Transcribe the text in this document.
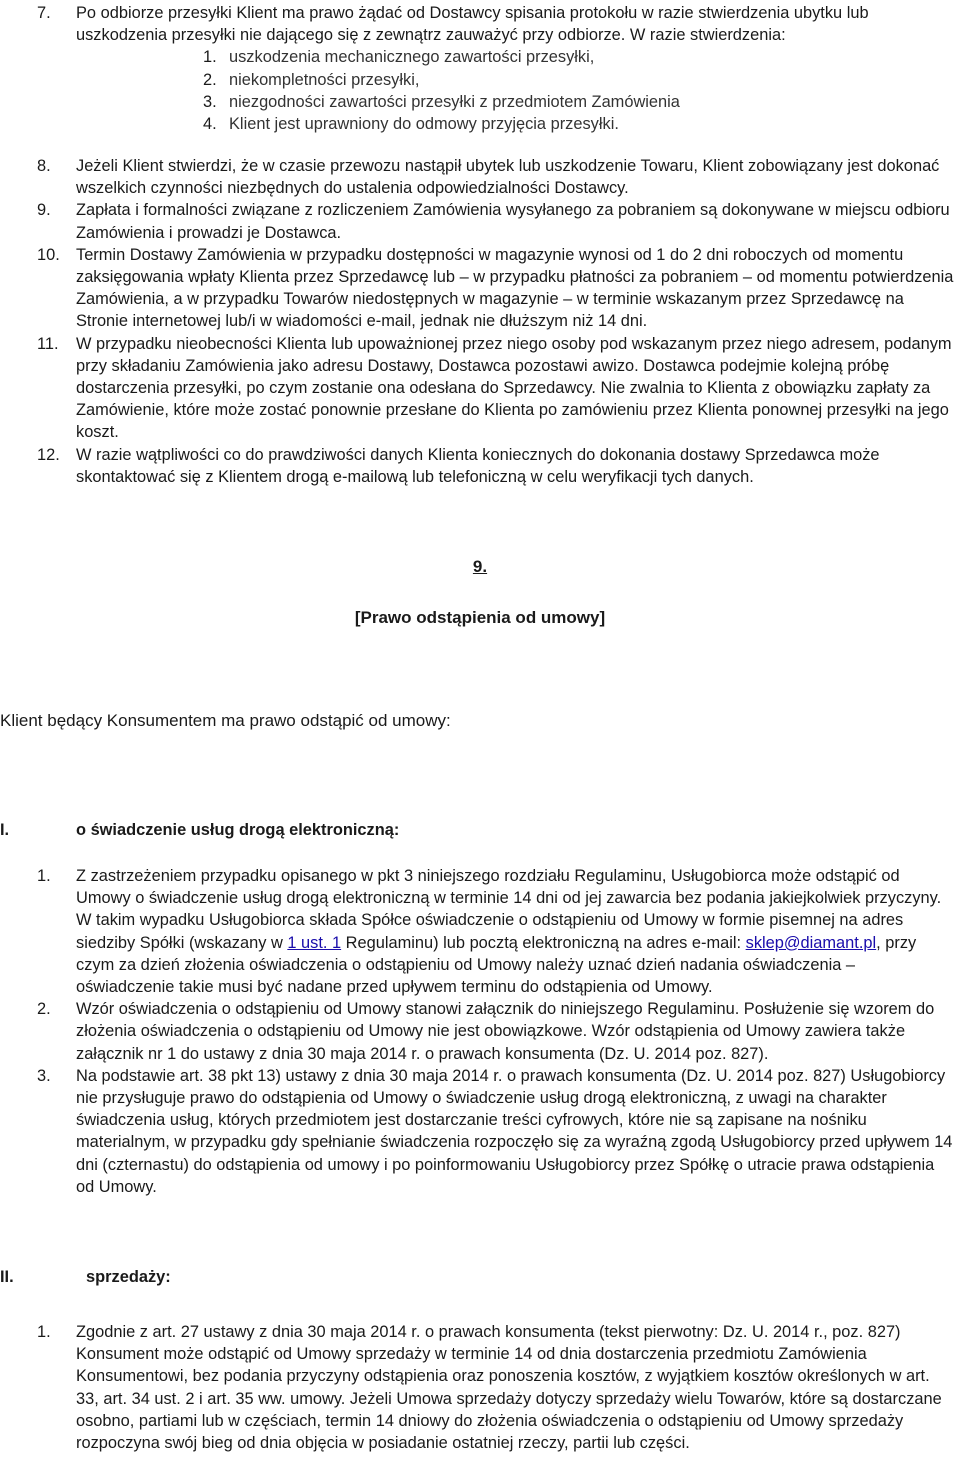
7. Po odbiorze przesyłki Klient ma prawo żądać od Dostawcy spisania protokołu w razie stwierdzenia ubytku lub uszkodzenia przesyłki nie dającego się z zewnątrz zauważyć przy odbiorze. W razie stwierdzenia:
1. uszkodzenia mechanicznego zawartości przesyłki,
2. niekompletności przesyłki,
3. niezgodności zawartości przesyłki z przedmiotem Zamówienia
4. Klient jest uprawniony do odmowy przyjęcia przesyłki.
8. Jeżeli Klient stwierdzi, że w czasie przewozu nastąpił ubytek lub uszkodzenie Towaru, Klient zobowiązany jest dokonać wszelkich czynności niezbędnych do ustalenia odpowiedzialności Dostawcy.
9. Zapłata i formalności związane z rozliczeniem Zamówienia wysyłanego za pobraniem są dokonywane w miejscu odbioru Zamówienia i prowadzi je Dostawca.
10. Termin Dostawy Zamówienia w przypadku dostępności w magazynie wynosi od 1 do 2 dni roboczych od momentu zaksięgowania wpłaty Klienta przez Sprzedawcę lub – w przypadku płatności za pobraniem – od momentu potwierdzenia Zamówienia, a w przypadku Towarów niedostępnych w magazynie – w terminie wskazanym przez Sprzedawcę na Stronie internetowej lub/i w wiadomości e-mail, jednak nie dłuższym niż 14 dni.
11. W przypadku nieobecności Klienta lub upoważnionej przez niego osoby pod wskazanym przez niego adresem, podanym przy składaniu Zamówienia jako adresu Dostawy, Dostawca pozostawi awizo. Dostawca podejmie kolejną próbę dostarczenia przesyłki, po czym zostanie ona odesłana do Sprzedawcy. Nie zwalnia to Klienta z obowiązku zapłaty za Zamówienie, które może zostać ponownie przesłane do Klienta po zamówieniu przez Klienta ponownej przesyłki na jego koszt.
12. W razie wątpliwości co do prawdziwości danych Klienta koniecznych do dokonania dostawy Sprzedawca może skontaktować się z Klientem drogą e-mailową lub telefoniczną w celu weryfikacji tych danych.
9.
[Prawo odstąpienia od umowy]
Klient będący Konsumentem ma prawo odstąpić od umowy:
I.	o świadczenie usług drogą elektroniczną:
1. Z zastrzeżeniem przypadku opisanego w pkt 3 niniejszego rozdziału Regulaminu, Usługobiorca może odstąpić od Umowy o świadczenie usług drogą elektroniczną w terminie 14 dni od jej zawarcia bez podania jakiejkolwiek przyczyny. W takim wypadku Usługobiorca składa Spółce oświadczenie o odstąpieniu od Umowy w formie pisemnej na adres siedziby Spółki (wskazany w 1 ust. 1 Regulaminu) lub pocztą elektroniczną na adres e-mail: sklep@diamant.pl, przy czym za dzień złożenia oświadczenia o odstąpieniu od Umowy należy uznać dzień nadania oświadczenia – oświadczenie takie musi być nadane przed upływem terminu do odstąpienia od Umowy.
2. Wzór oświadczenia o odstąpieniu od Umowy stanowi załącznik do niniejszego Regulaminu. Posłużenie się wzorem do złożenia oświadczenia o odstąpieniu od Umowy nie jest obowiązkowe. Wzór odstąpienia od Umowy zawiera także załącznik nr 1 do ustawy z dnia 30 maja 2014 r. o prawach konsumenta (Dz. U. 2014 poz. 827).
3. Na podstawie art. 38 pkt 13) ustawy z dnia 30 maja 2014 r. o prawach konsumenta (Dz. U. 2014 poz. 827) Usługobiorcy nie przysługuje prawo do odstąpienia od Umowy o świadczenie usług drogą elektroniczną, z uwagi na charakter świadczenia usług, których przedmiotem jest dostarczanie treści cyfrowych, które nie są zapisane na nośniku materialnym, w przypadku gdy spełnianie świadczenia rozpoczęło się za wyraźną zgodą Usługobiorcy przed upływem 14 dni (czternastu) do odstąpienia od umowy i po poinformowaniu Usługobiorcy przez Spółkę o utracie prawa odstąpienia od Umowy.
II.	sprzedaży:
1. Zgodnie z art. 27 ustawy z dnia 30 maja 2014 r. o prawach konsumenta (tekst pierwotny: Dz. U. 2014 r., poz. 827) Konsument może odstąpić od Umowy sprzedaży w terminie 14 od dnia dostarczenia przedmiotu Zamówienia Konsumentowi, bez podania przyczyny odstąpienia oraz ponoszenia kosztów, z wyjątkiem kosztów określonych w art. 33, art. 34 ust. 2 i art. 35 ww. umowy. Jeżeli Umowa sprzedaży dotyczy sprzedaży wielu Towarów, które są dostarczane osobno, partiami lub w częściach, termin 14 dniowy do złożenia oświadczenia o odstąpieniu od Umowy sprzedaży rozpoczyna swój bieg od dnia objęcia w posiadanie ostatniej rzeczy, partii lub części.
